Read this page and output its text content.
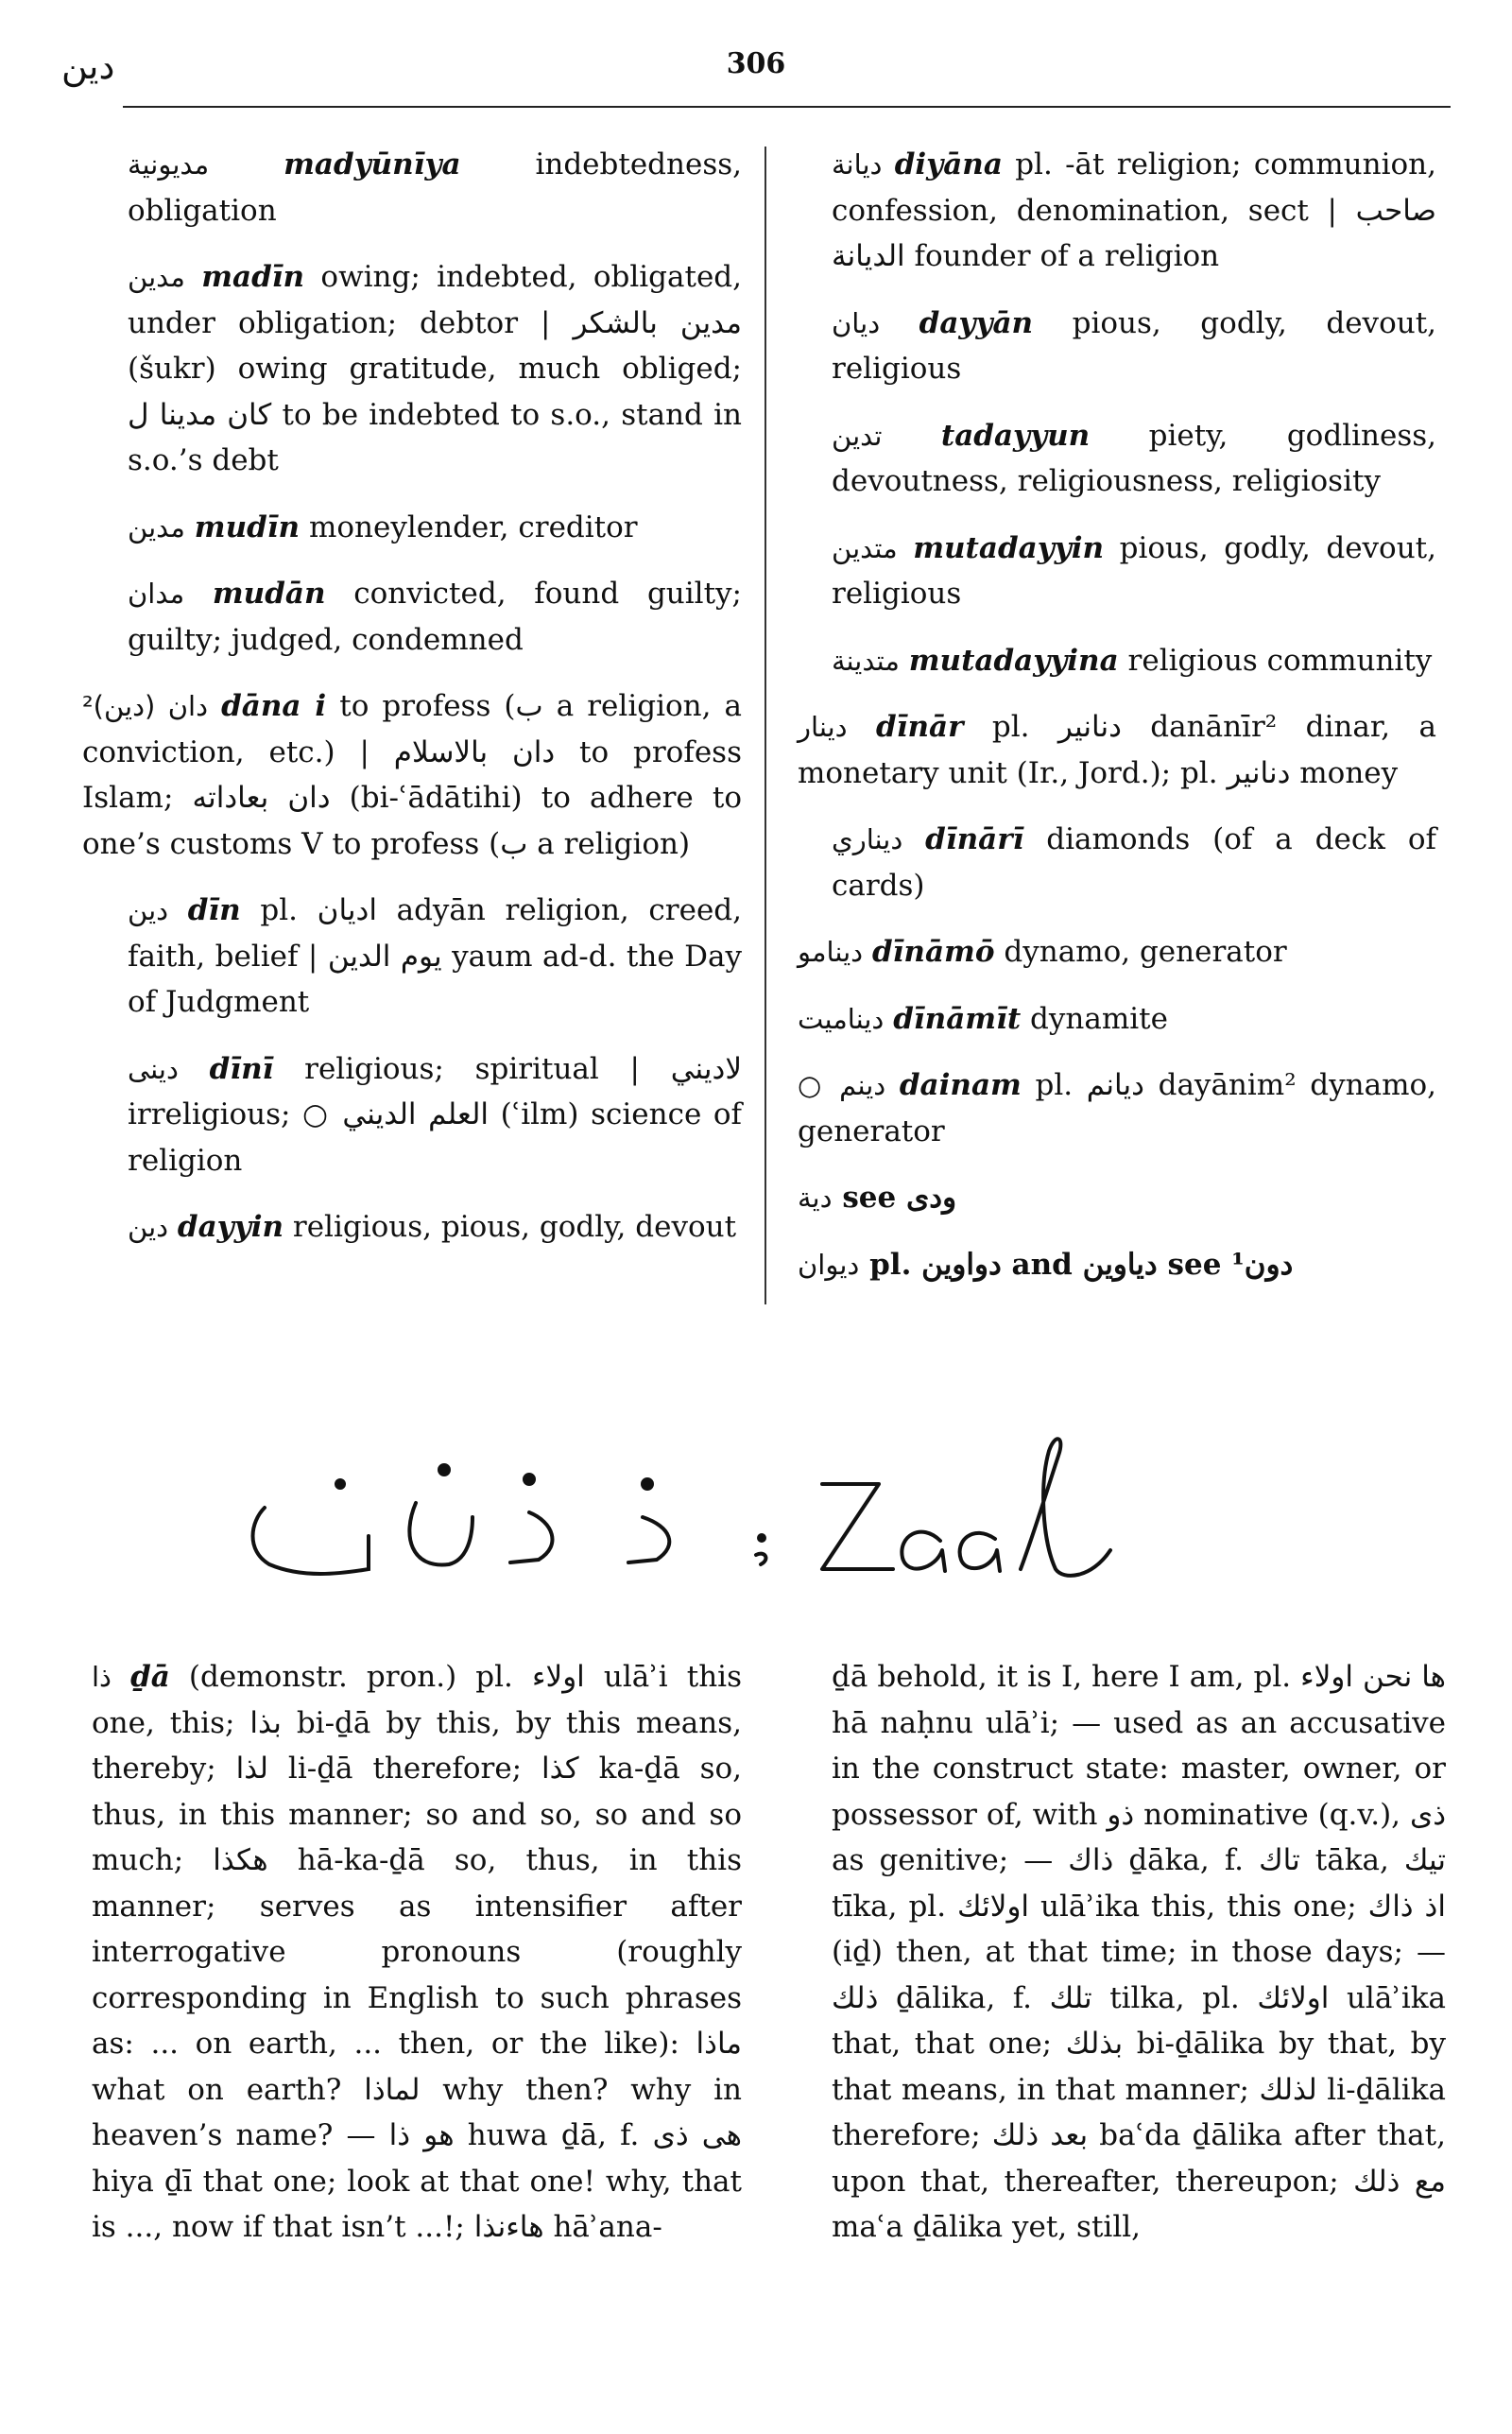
دين	306

مديونية	madyūnīya indebtedness, obligation

مدين madīn owing; indebted, obligated, under obligation; debtor | مدين بالشكر (šukr) owing gratitude, much obliged; كان مدينا ل to be indebted to s.o., stand in s.o.’s debt

مدين mudīn moneylender, creditor

مدان mudān convicted, found guilty; guilty; judged, condemned

²(دين) دان dāna i to profess (ب a religion, a conviction, etc.) | دان بالاسلام to profess Islam; دان بعاداته (bi-ʿādātihi) to adhere to one’s customs V to profess (ب a religion)

دين dīn pl. اديان adyān religion, creed, faith, belief | يوم الدين yaum ad-d. the Day of Judgment

دينى dīnī religious; spiritual | لاديني irreligious; ○ العلم الديني (ʿilm) science of religion

دين dayyin religious, pious, godly, devout

ديانة diyāna pl. -āt religion; communion, confession, denomination, sect | صاحب الديانة founder of a religion

ديان dayyān pious, godly, devout, religious

تدين tadayyun piety, godliness, devoutness, religiousness, religiosity

متدين mutadayyin pious, godly, devout, religious

متدينة mutadayyina religious community

دينار dīnār pl. دنانير danānīr² dinar, a monetary unit (Ir., Jord.); pl. دنانير money

ديناري dīnārī diamonds (of a deck of cards)

دينامو dīnāmō dynamo, generator

ديناميت dīnāmīt dynamite

○ دينم dainam pl. ديانم dayānim² dynamo, generator

دية see ودى

ديوان pl. دواوين and دياوين see ¹دون

ذا ḏā (demonstr. pron.) pl. اولاء ulāʾi this one, this; بذا bi-ḏā by this, by this means, thereby; لذا li-ḏā therefore; كذا ka-ḏā so, thus, in this manner; so and so, so and so much; هكذا hā-ka-ḏā so, thus, in this manner; serves as intensifier after interrogative pronouns (roughly corresponding in English to such phrases as: ... on earth, ... then, or the like): ماذا what on earth? لماذا why then? why in heaven’s name? — هو ذا huwa ḏā, f. هى ذى hiya ḏī that one; look at that one! why, that is ..., now if that isn’t ...!; هاءنذا hāʾana-

ḏā behold, it is I, here I am, pl. ها نحن اولاء hā naḥnu ulāʾi; — used as an accusative in the construct state: master, owner, or possessor of, with ذو nominative (q.v.), ذى as genitive; — ذاك ḏāka, f. تاك tāka, تيك tīka, pl. اولائك ulāʾika this, this one; اذ ذاك (iḏ) then, at that time; in those days; — ذلك ḏālika, f. تلك tilka, pl. اولائك ulāʾika that, that one; بذلك bi-ḏālika by that, by that means, in that manner; لذلك li-ḏālika therefore; بعد ذلك baʿda ḏālika after that, upon that, thereafter, thereupon; مع ذلك maʿa ḏālika yet, still,
